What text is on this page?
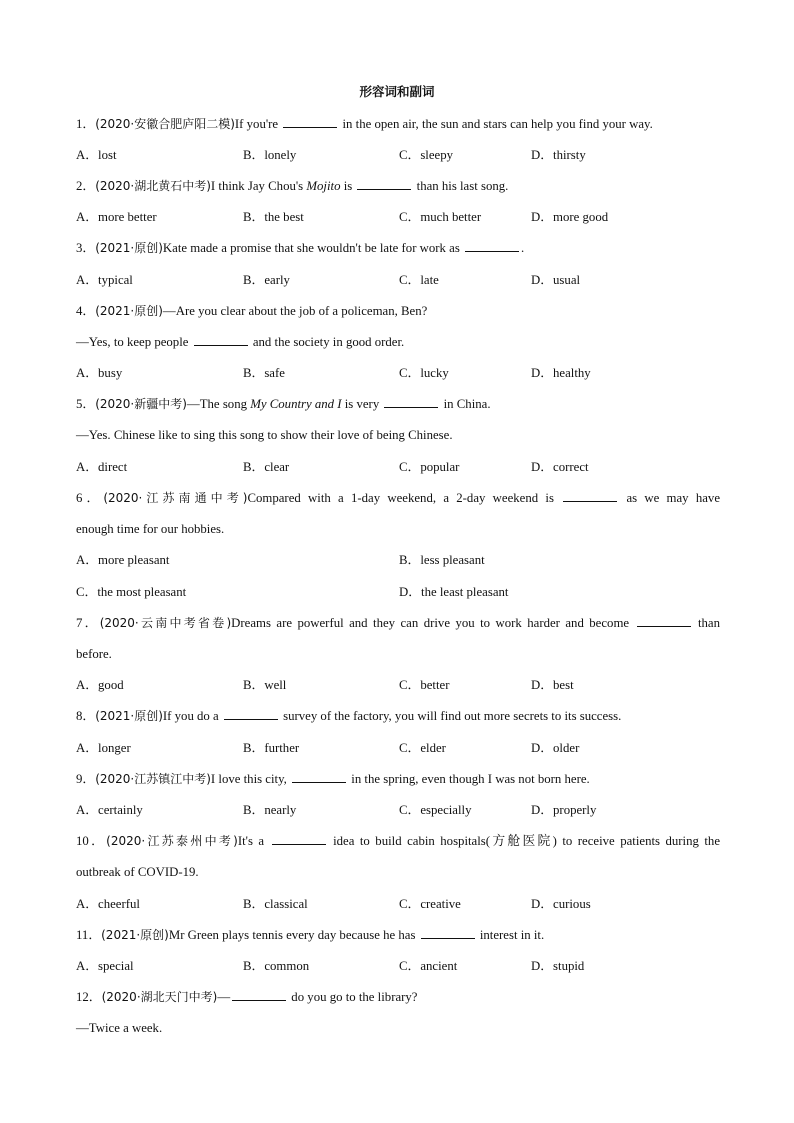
形容词和副词
1．(2020·安徽合肥庐阳二模)If you're	in the open air, the sun and stars can help you find your way.
A．lost	B．lonely	C．sleepy	D．thirsty
2．(2020·湖北黄石中考)I think Jay Chou's Mojito is	than his last song.
A．more better	B．the best	C．much better	D．more good
3．(2021·原创)Kate made a promise that she wouldn't be late for work as	.
A．typical	B．early	C．late	D．usual
4．(2021·原创)—Are you clear about the job of a policeman, Ben?
—Yes, to keep people	and the society in good order.
A．busy	B．safe	C．lucky	D．healthy
5．(2020·新疆中考)—The song My Country and I is very	in China.
—Yes. Chinese like to sing this song to show their love of being Chinese.
A．direct	B．clear	C．popular	D．correct
6．(2020·江苏南通中考)Compared with a 1-day weekend, a 2-day weekend is	as we may have
enough time for our hobbies.
A．more pleasant	B．less pleasant
C．the most pleasant	D．the least pleasant
7．(2020·云南中考省卷)Dreams are powerful and they can drive you to work harder and become	than
before.
A．good	B．well	C．better	D．best
8．(2021·原创)If you do a	survey of the factory, you will find out more secrets to its success.
A．longer	B．further	C．elder	D．older
9．(2020·江苏镇江中考)I love this city,	in the spring, even though I was not born here.
A．certainly	B．nearly	C．especially	D．properly
10．(2020·江苏泰州中考)It's a	idea to build cabin hospitals(方舱医院) to receive patients during the
outbreak of COVID-19.
A．cheerful	B．classical	C．creative	D．curious
11．(2021·原创)Mr Green plays tennis every day because he has	interest in it.
A．special	B．common	C．ancient	D．stupid
12．(2020·湖北天门中考)—	do you go to the library?
—Twice a week.
